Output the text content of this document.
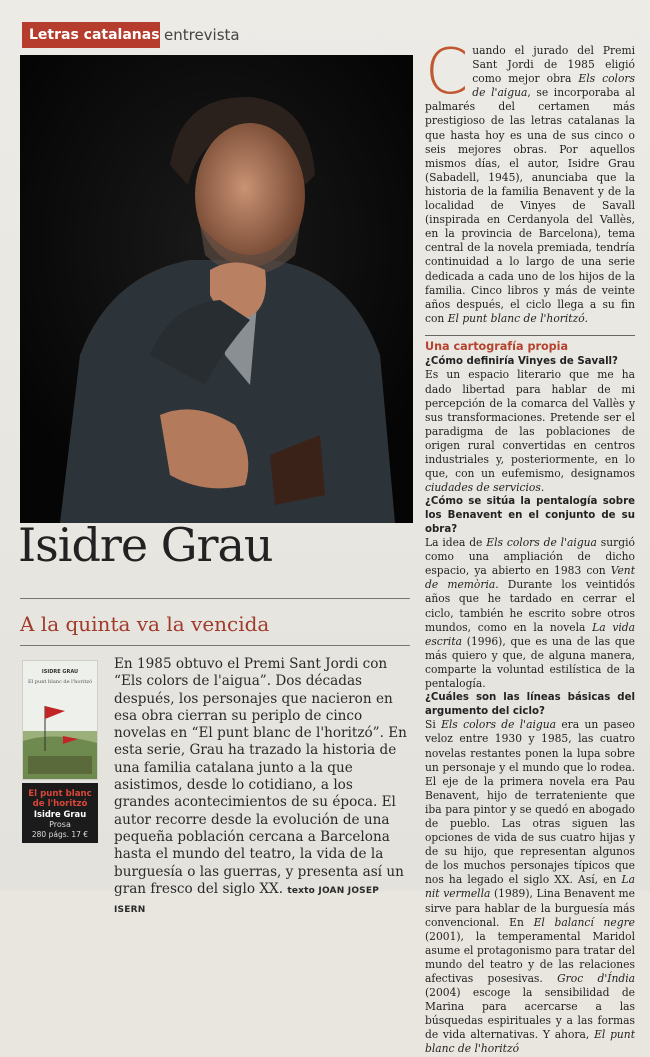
Letras catalanas entrevista
Isidre Grau
A la quinta va la vencida
ISIDRE GRAU
El punt blanc de l'horitzó
El punt blanc de l'horitzó
Isidre Grau
Prosa
280 págs. 17 €
En 1985 obtuvo el Premi Sant Jordi con “Els colors de l'aigua”. Dos décadas después, los personajes que nacieron en esa obra cierran su periplo de cinco novelas en “El punt blanc de l'horitzó”. En esta serie, Grau ha trazado la historia de una familia catalana junto a la que asistimos, desde lo cotidiano, a los grandes acontecimientos de su época. El autor recorre desde la evolución de una pequeña población cercana a Barcelona hasta el mundo del teatro, la vida de la burguesía o las guerras, y presenta así un gran fresco del siglo XX. texto JOAN JOSEP ISERN

Cuando el jurado del Premi Sant Jordi de 1985 eligió como mejor obra Els colors de l'aigua, se incorporaba al palmarés del certamen más prestigioso de las letras catalanas la que hasta hoy es una de sus cinco o seis mejores obras. Por aquellos mismos días, el autor, Isidre Grau (Sabadell, 1945), anunciaba que la historia de la familia Benavent y de la localidad de Vinyes de Savall (inspirada en Cerdanyola del Vallès, en la provincia de Barcelona), tema central de la novela premiada, tendría continuidad a lo largo de una serie dedicada a cada uno de los hijos de la familia. Cinco libros y más de veinte años después, el ciclo llega a su fin con El punt blanc de l'horitzó.

Una cartografía propia

¿Cómo definiría Vinyes de Savall?

Es un espacio literario que me ha dado libertad para hablar de mi percepción de la comarca del Vallès y sus transformaciones. Pretende ser el paradigma de las poblaciones de origen rural convertidas en centros industriales y, posteriormente, en lo que, con un eufemismo, designamos ciudades de servicios.

¿Cómo se sitúa la pentalogía sobre los Benavent en el conjunto de su obra?

La idea de Els colors de l'aigua surgió como una ampliación de dicho espacio, ya abierto en 1983 con Vent de memòria. Durante los veintidós años que he tardado en cerrar el ciclo, también he escrito sobre otros mundos, como en la novela La vida escrita (1996), que es una de las que más quiero y que, de alguna manera, comparte la voluntad estilística de la pentalogía.

¿Cuáles son las líneas básicas del argumento del ciclo?

Si Els colors de l'aigua era un paseo veloz entre 1930 y 1985, las cuatro novelas restantes ponen la lupa sobre un personaje y el mundo que lo rodea. El eje de la primera novela era Pau Benavent, hijo de terrateniente que iba para pintor y se quedó en abogado de pueblo. Las otras siguen las opciones de vida de sus cuatro hijas y de su hijo, que representan algunos de los muchos personajes típicos que nos ha legado el siglo XX. Así, en La nit vermella (1989), Lina Benavent me sirve para hablar de la burguesía más convencional. En El balancí negre (2001), la temperamental Maridol asume el protagonismo para tratar del mundo del teatro y de las relaciones afectivas posesivas. Groc d'Índia (2004) escoge la sensibilidad de Marina para acercarse a las búsquedas espirituales y a las formas de vida alternativas. Y ahora, El punt blanc de l'horitzó
